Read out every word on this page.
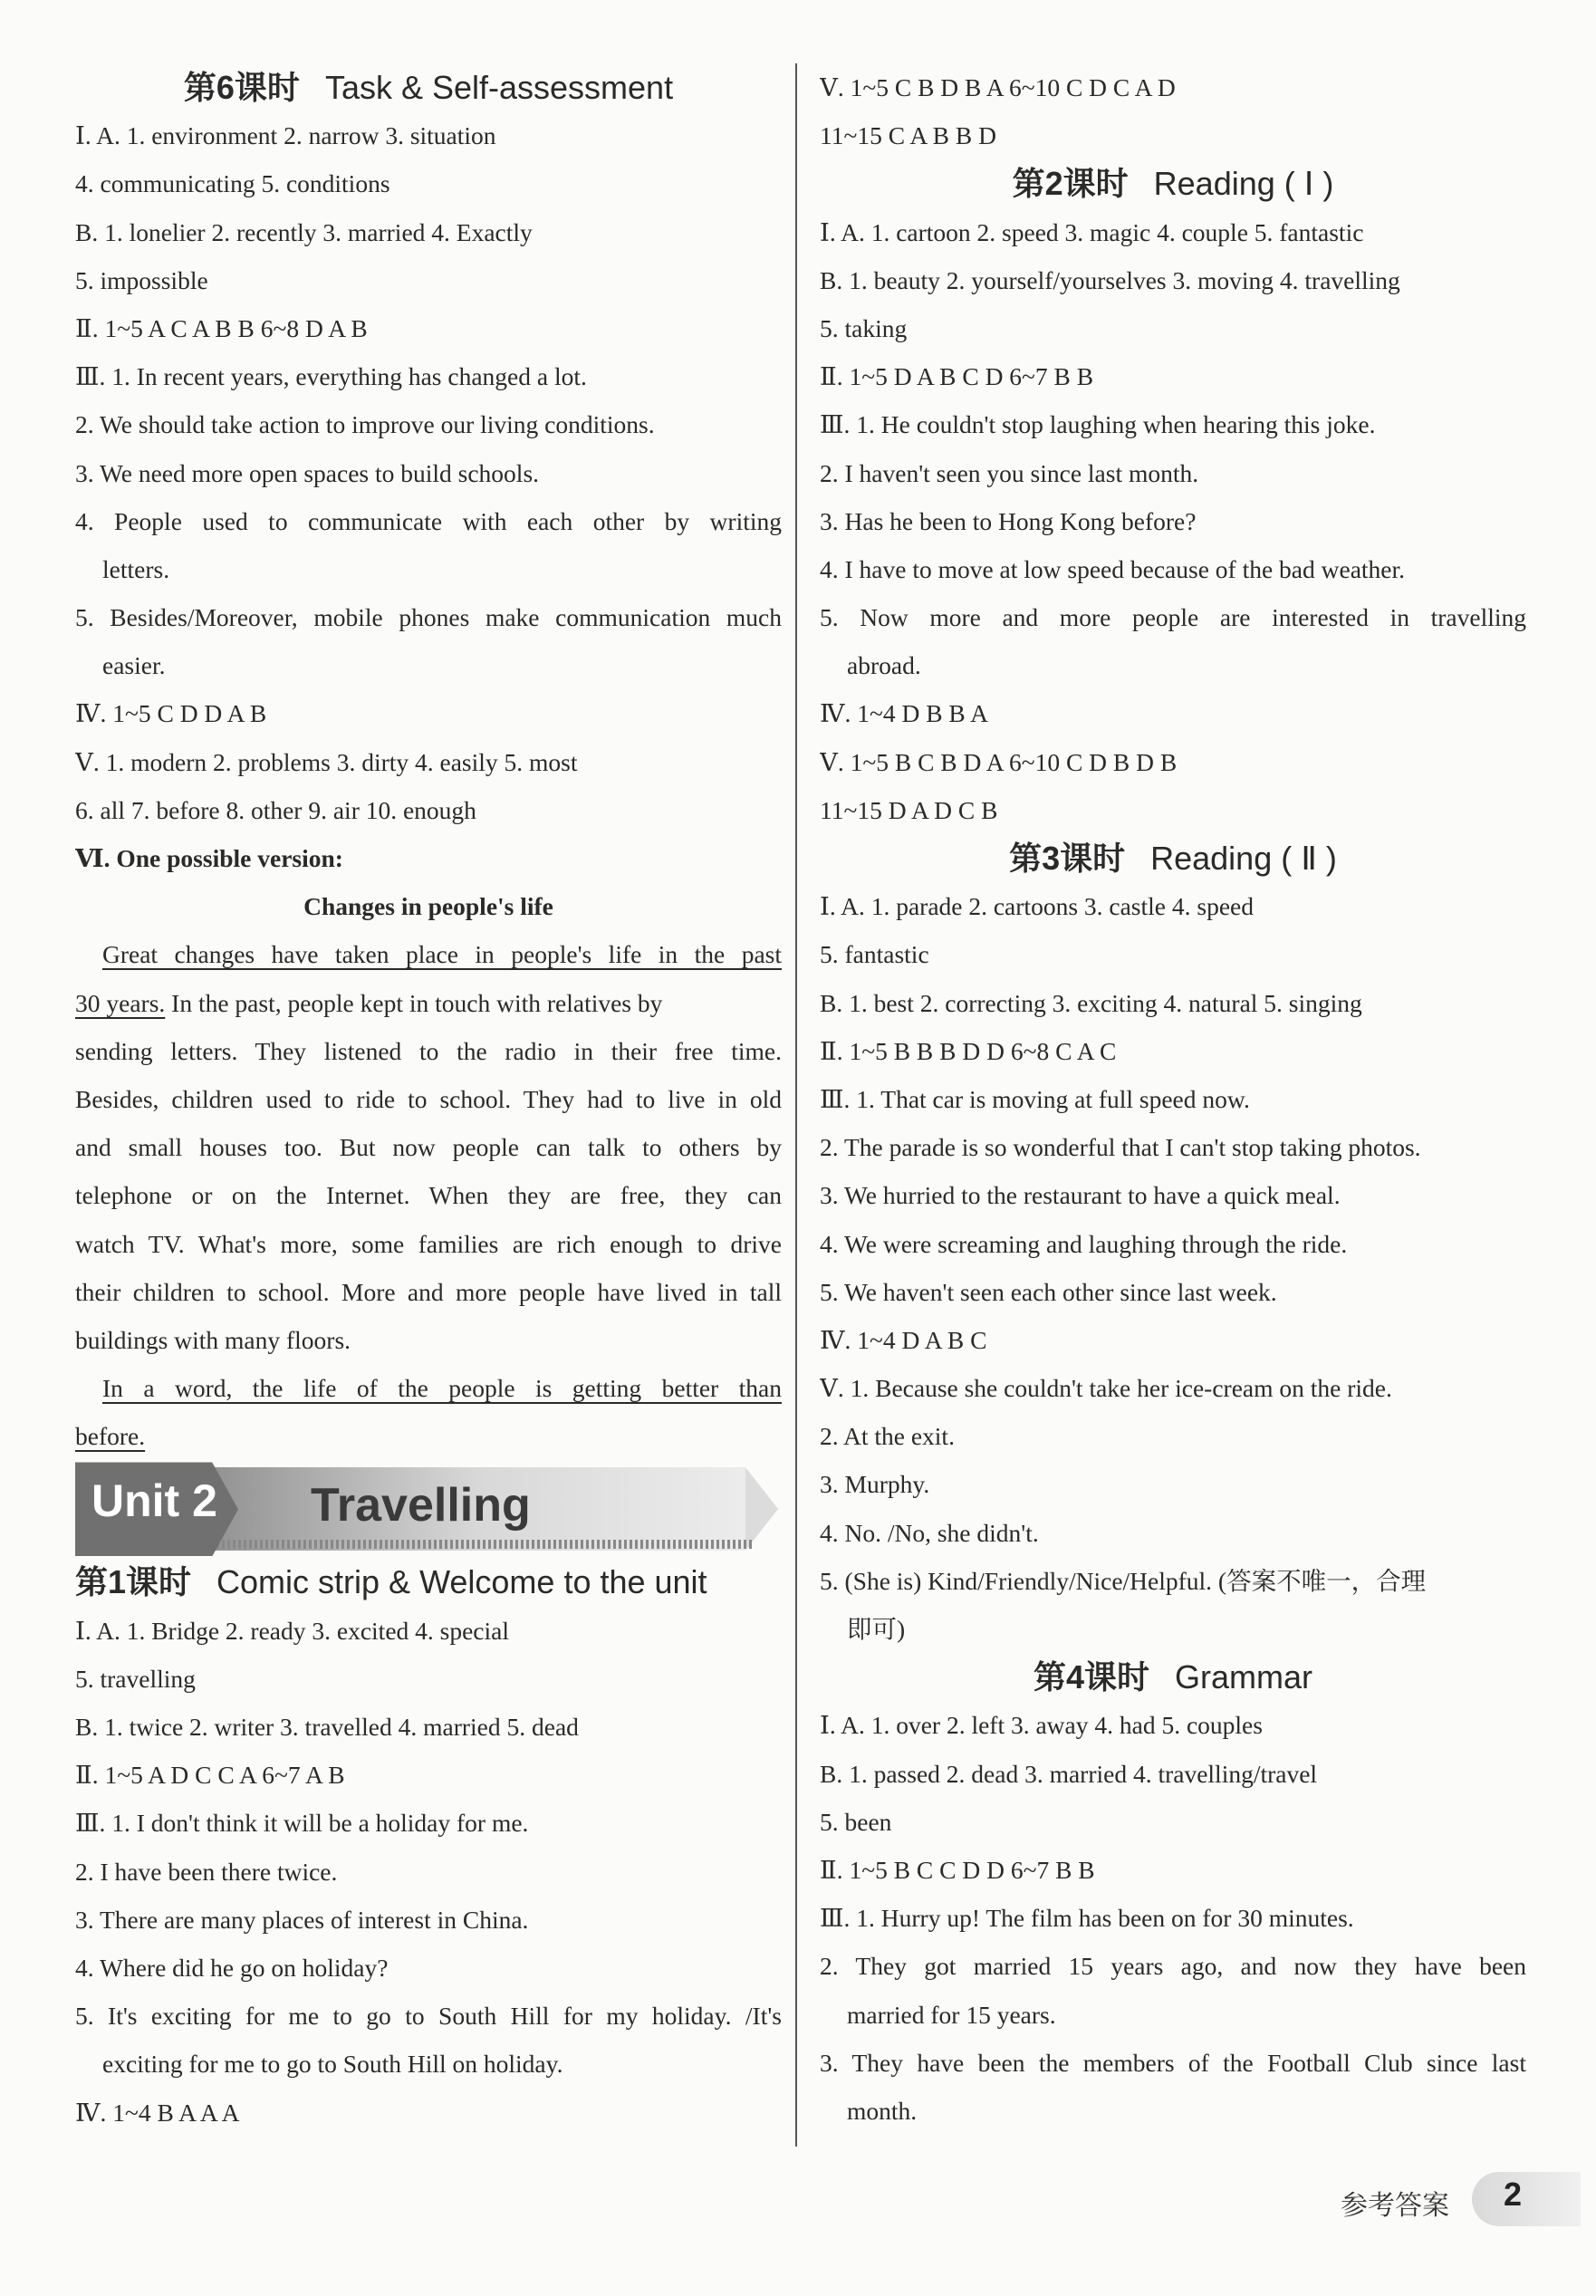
第6课时 Task & Self-assessment
Ⅰ. A. 1. environment 2. narrow 3. situation
4. communicating 5. conditions
B. 1. lonelier 2. recently 3. married 4. Exactly
5. impossible
Ⅱ. 1~5 A C A B B 6~8 D A B
Ⅲ. 1. In recent years, everything has changed a lot.
2. We should take action to improve our living conditions.
3. We need more open spaces to build schools.
4. People used to communicate with each other by writing
letters.
5. Besides/Moreover, mobile phones make communication much
easier.
Ⅳ. 1~5 C D D A B
Ⅴ. 1. modern 2. problems 3. dirty 4. easily 5. most
6. all 7. before 8. other 9. air 10. enough
Ⅵ. One possible version:
Changes in people's life
Great changes have taken place in people's life in the past
30 years. In the past, people kept in touch with relatives by
sending letters. They listened to the radio in their free time.
Besides, children used to ride to school. They had to live in old
and small houses too. But now people can talk to others by
telephone or on the Internet. When they are free, they can
watch TV. What's more, some families are rich enough to drive
their children to school. More and more people have lived in tall
buildings with many floors.
In a word, the life of the people is getting better than
before.
Unit 2 Travelling
第1课时 Comic strip & Welcome to the unit
Ⅰ. A. 1. Bridge 2. ready 3. excited 4. special
5. travelling
B. 1. twice 2. writer 3. travelled 4. married 5. dead
Ⅱ. 1~5 A D C C A 6~7 A B
Ⅲ. 1. I don't think it will be a holiday for me.
2. I have been there twice.
3. There are many places of interest in China.
4. Where did he go on holiday?
5. It's exciting for me to go to South Hill for my holiday. /It's
exciting for me to go to South Hill on holiday.
Ⅳ. 1~4 B A A A
Ⅴ. 1~5 C B D B A 6~10 C D C A D
11~15 C A B B D
第2课时 Reading ( Ⅰ )
Ⅰ. A. 1. cartoon 2. speed 3. magic 4. couple 5. fantastic
B. 1. beauty 2. yourself/yourselves 3. moving 4. travelling
5. taking
Ⅱ. 1~5 D A B C D 6~7 B B
Ⅲ. 1. He couldn't stop laughing when hearing this joke.
2. I haven't seen you since last month.
3. Has he been to Hong Kong before?
4. I have to move at low speed because of the bad weather.
5. Now more and more people are interested in travelling
abroad.
Ⅳ. 1~4 D B B A
Ⅴ. 1~5 B C B D A 6~10 C D B D B
11~15 D A D C B
第3课时 Reading ( Ⅱ )
Ⅰ. A. 1. parade 2. cartoons 3. castle 4. speed
5. fantastic
B. 1. best 2. correcting 3. exciting 4. natural 5. singing
Ⅱ. 1~5 B B B D D 6~8 C A C
Ⅲ. 1. That car is moving at full speed now.
2. The parade is so wonderful that I can't stop taking photos.
3. We hurried to the restaurant to have a quick meal.
4. We were screaming and laughing through the ride.
5. We haven't seen each other since last week.
Ⅳ. 1~4 D A B C
Ⅴ. 1. Because she couldn't take her ice-cream on the ride.
2. At the exit.
3. Murphy.
4. No. /No, she didn't.
5. (She is) Kind/Friendly/Nice/Helpful. (答案不唯一，合理
即可)
第4课时 Grammar
Ⅰ. A. 1. over 2. left 3. away 4. had 5. couples
B. 1. passed 2. dead 3. married 4. travelling/travel
5. been
Ⅱ. 1~5 B C C D D 6~7 B B
Ⅲ. 1. Hurry up! The film has been on for 30 minutes.
2. They got married 15 years ago, and now they have been
married for 15 years.
3. They have been the members of the Football Club since last
month.
参考答案 2
